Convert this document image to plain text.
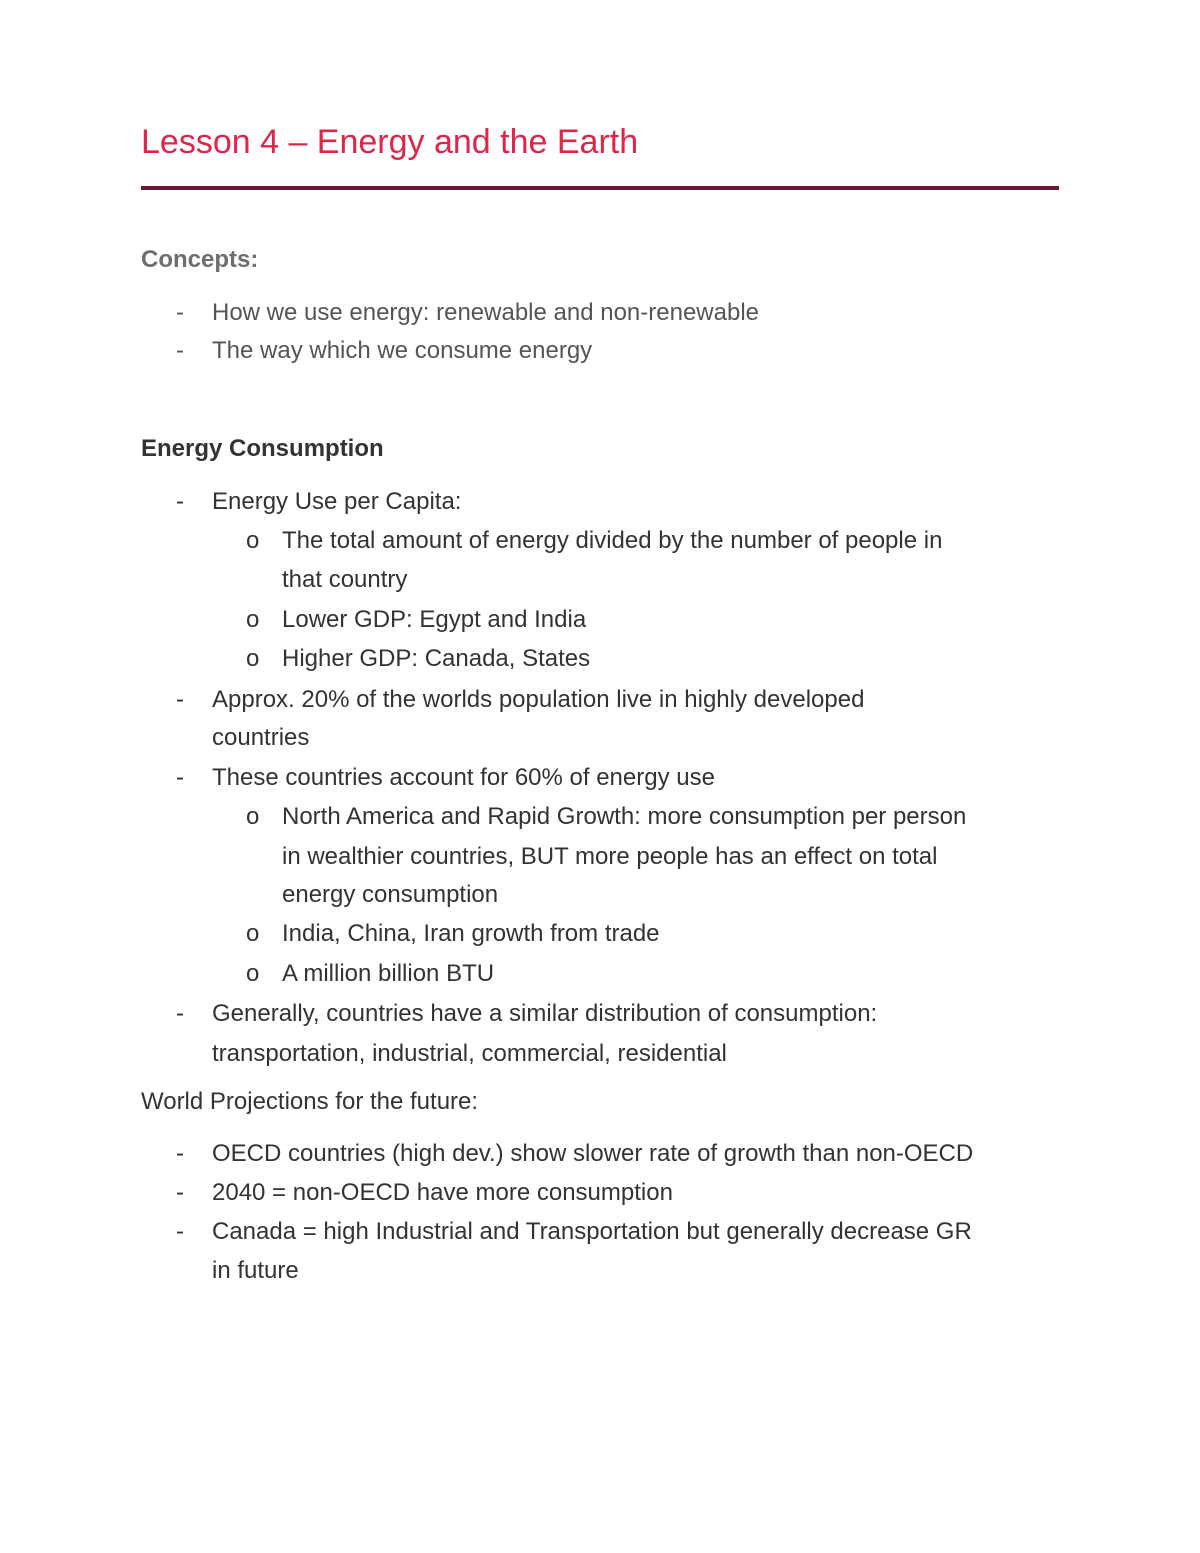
Lesson 4 – Energy and the Earth
Concepts:
- How we use energy: renewable and non-renewable
- The way which we consume energy
Energy Consumption
- Energy Use per Capita:
o The total amount of energy divided by the number of people in
that country
o Lower GDP: Egypt and India
o Higher GDP: Canada, States
- Approx. 20% of the worlds population live in highly developed
countries
- These countries account for 60% of energy use
o North America and Rapid Growth: more consumption per person
in wealthier countries, BUT more people has an effect on total
energy consumption
o India, China, Iran growth from trade
o A million billion BTU
- Generally, countries have a similar distribution of consumption:
transportation, industrial, commercial, residential
World Projections for the future:
- OECD countries (high dev.) show slower rate of growth than non-OECD
- 2040 = non-OECD have more consumption
- Canada = high Industrial and Transportation but generally decrease GR
in future
